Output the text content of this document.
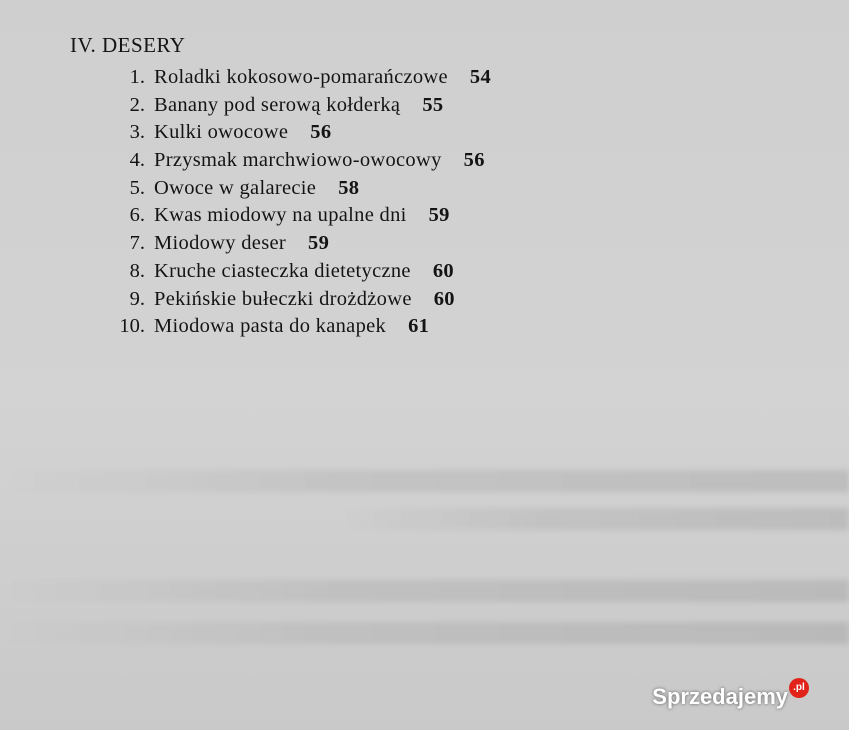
IV. DESERY
1. Roladki kokosowo-pomarańczowe 54
2. Banany pod serową kołderką 55
3. Kulki owocowe 56
4. Przysmak marchwiowo-owocowy 56
5. Owoce w galarecie 58
6. Kwas miodowy na upalne dni 59
7. Miodowy deser 59
8. Kruche ciasteczka dietetyczne 60
9. Pekińskie bułeczki drożdżowe 60
10. Miodowa pasta do kanapek 61
Sprzedajemy .pl
